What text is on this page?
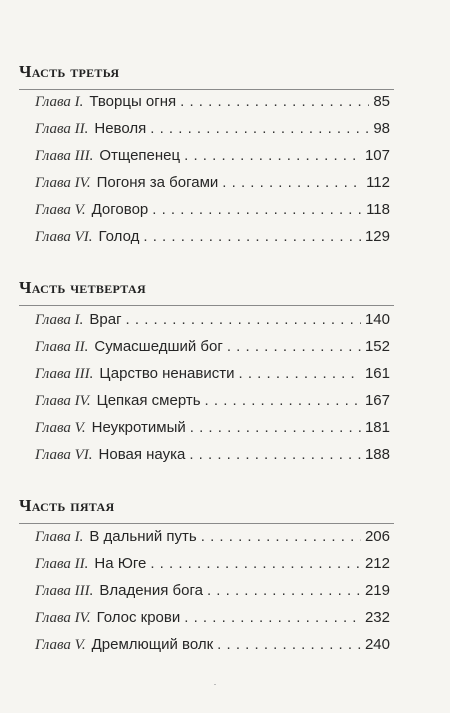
Часть третья
Глава I. Творцы огня . . .	85
Глава II. Неволя . . .	98
Глава III. Отщепенец . . .	107
Глава IV. Погоня за богами . . .	112
Глава V. Договор . . .	118
Глава VI. Голод . . .	129
Часть четвертая
Глава I. Враг . . .	140
Глава II. Сумасшедший бог . . .	152
Глава III. Царство ненависти . . .	161
Глава IV. Цепкая смерть . . .	167
Глава V. Неукротимый . . .	181
Глава VI. Новая наука . . .	188
Часть пятая
Глава I. В дальний путь . . .	206
Глава II. На Юге . . .	212
Глава III. Владения бога . . .	219
Глава IV. Голос крови . . .	232
Глава V. Дремлющий волк . . .	240
